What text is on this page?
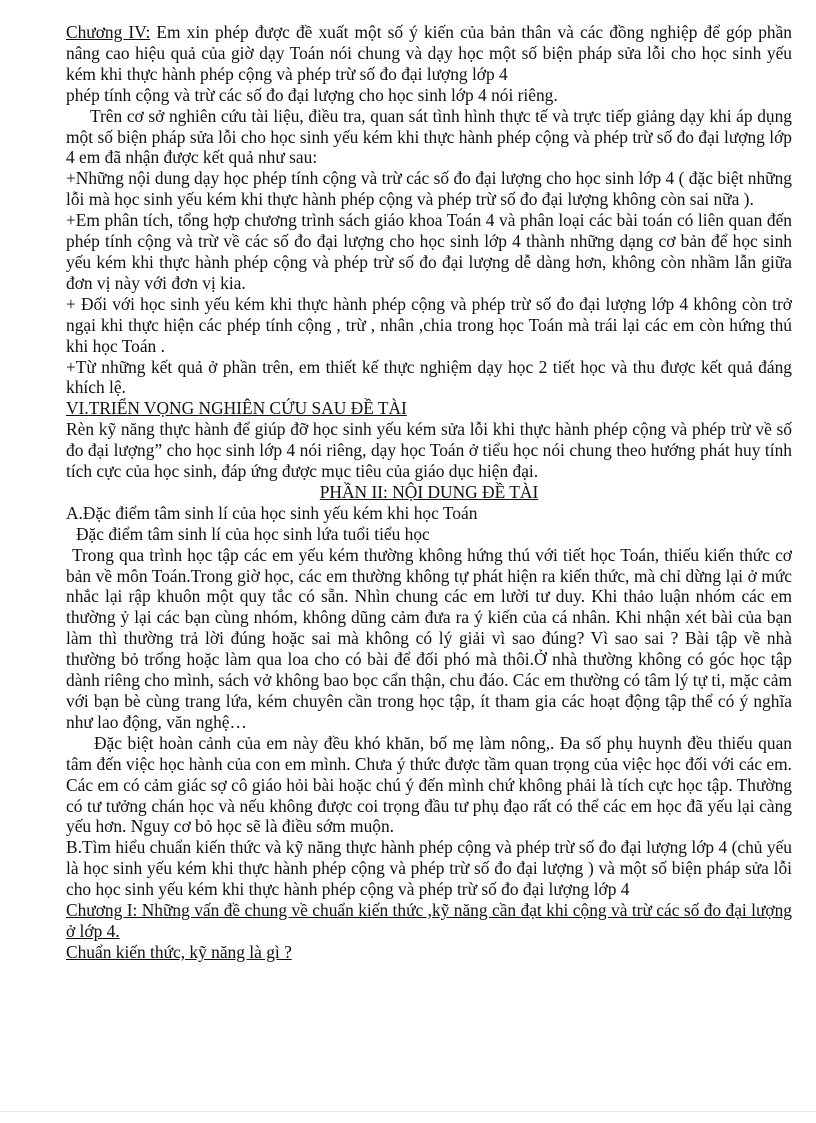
Chương IV: Em xin phép được đề xuất một số ý kiến của bản thân và các đồng nghiệp để góp phần nâng cao hiệu quả của giờ dạy Toán nói chung và dạy học một số biện pháp sửa lỗi cho học sinh yếu kém khi thực hành phép cộng và phép trừ số đo đại lượng lớp 4

phép tính cộng và trừ các số đo đại lượng cho học sinh lớp 4 nói riêng.

Trên cơ sở nghiên cứu tài liệu, điều tra, quan sát tình hình thực tế và trực tiếp giảng dạy khi áp dụng một số biện pháp sửa lỗi cho học sinh yếu kém khi thực hành phép cộng và phép trừ số đo đại lượng lớp 4 em đã nhận được kết quả như sau:

+Những nội dung dạy học phép tính cộng và trừ các số đo đại lượng cho học sinh lớp 4 ( đặc biệt những lỗi mà học sinh yếu kém khi thực hành phép cộng và phép trừ số đo đại lượng không còn sai nữa ).

+Em phân tích, tổng hợp chương trình sách giáo khoa Toán 4 và phân loại các bài toán có liên quan đến phép tính cộng và trừ về các số đo đại lượng cho học sinh lớp 4 thành những dạng cơ bản để học sinh yếu kém khi thực hành phép cộng và phép trừ số đo đại lượng dễ dàng hơn, không còn nhầm lẫn giữa đơn vị này với đơn vị kia.

+ Đối với học sinh yếu kém khi thực hành phép cộng và phép trừ số đo đại lượng lớp 4 không còn trở ngại khi thực hiện các phép tính cộng , trừ , nhân ,chia trong học Toán mà trái lại các em còn hứng thú khi học Toán .

+Từ những kết quả ở phần trên, em thiết kế thực nghiệm dạy học 2 tiết học và thu được kết quả đáng khích lệ.

VI.TRIỂN VỌNG NGHIÊN CỨU SAU ĐỀ TÀI

Rèn kỹ năng thực hành để giúp đỡ học sinh yếu kém sửa lỗi khi thực hành phép cộng và phép trừ về số đo đại lượng” cho học sinh lớp 4 nói riêng, dạy học Toán ở tiểu học nói chung theo hướng phát huy tính tích cực của học sinh, đáp ứng được mục tiêu của giáo dục hiện đại.

PHẦN II: NỘI DUNG ĐỀ TÀI

A.Đặc điểm tâm sinh lí của học sinh yếu kém khi học Toán

Đặc điểm tâm sinh lí của học sinh lứa tuổi tiểu học

Trong qua trình học tập các em yếu kém thường không hứng thú với tiết học Toán, thiếu kiến thức cơ bản về môn Toán.Trong giờ học, các em thường không tự phát hiện ra kiến thức, mà chỉ dừng lại ở mức nhắc lại rập khuôn một quy tắc có sẵn. Nhìn chung các em lười tư duy. Khi thảo luận nhóm các em thường ỷ lại các bạn cùng nhóm, không dũng cảm đưa ra ý kiến của cá nhân. Khi nhận xét bài của bạn làm thì thường trả lời đúng hoặc sai mà không có lý giải vì sao đúng? Vì sao sai ? Bài tập về nhà thường bỏ trống hoặc làm qua loa cho có bài để đối phó mà thôi.Ở nhà thường không có góc học tập dành riêng cho mình, sách vở không bao bọc cẩn thận, chu đáo. Các em thường có tâm lý tự ti, mặc cảm với bạn bè cùng trang lứa, kém chuyên cần trong học tập, ít tham gia các hoạt động tập thể có ý nghĩa như lao động, văn nghệ…

Đặc biệt hoàn cảnh của em này đều khó khăn, bố mẹ làm nông,. Đa số phụ huynh đều thiếu quan tâm đến việc học hành của con em mình. Chưa ý thức được tầm quan trọng của việc học đối với các em. Các em có cảm giác sợ cô giáo hỏi bài hoặc chú ý đến mình chứ không phải là tích cực học tập. Thường có tư tưởng chán học và nếu không được coi trọng đầu tư phụ đạo rất có thể các em học đã yếu lại càng yếu hơn. Nguy cơ bỏ học sẽ là điều sớm muộn.

B.Tìm hiểu chuẩn kiến thức và kỹ năng thực hành phép cộng và phép trừ số đo đại lượng lớp 4 (chủ yếu là học sinh yếu kém khi thực hành phép cộng và phép trừ số đo đại lượng ) và một số biện pháp sửa lỗi cho học sinh yếu kém khi thực hành phép cộng và phép trừ số đo đại lượng lớp 4

Chương I: Những vấn đề chung về chuẩn kiến thức ,kỹ năng cần đạt khi cộng và trừ các số đo đại lượng ở lớp 4.

Chuẩn kiến thức, kỹ năng là gì ?
